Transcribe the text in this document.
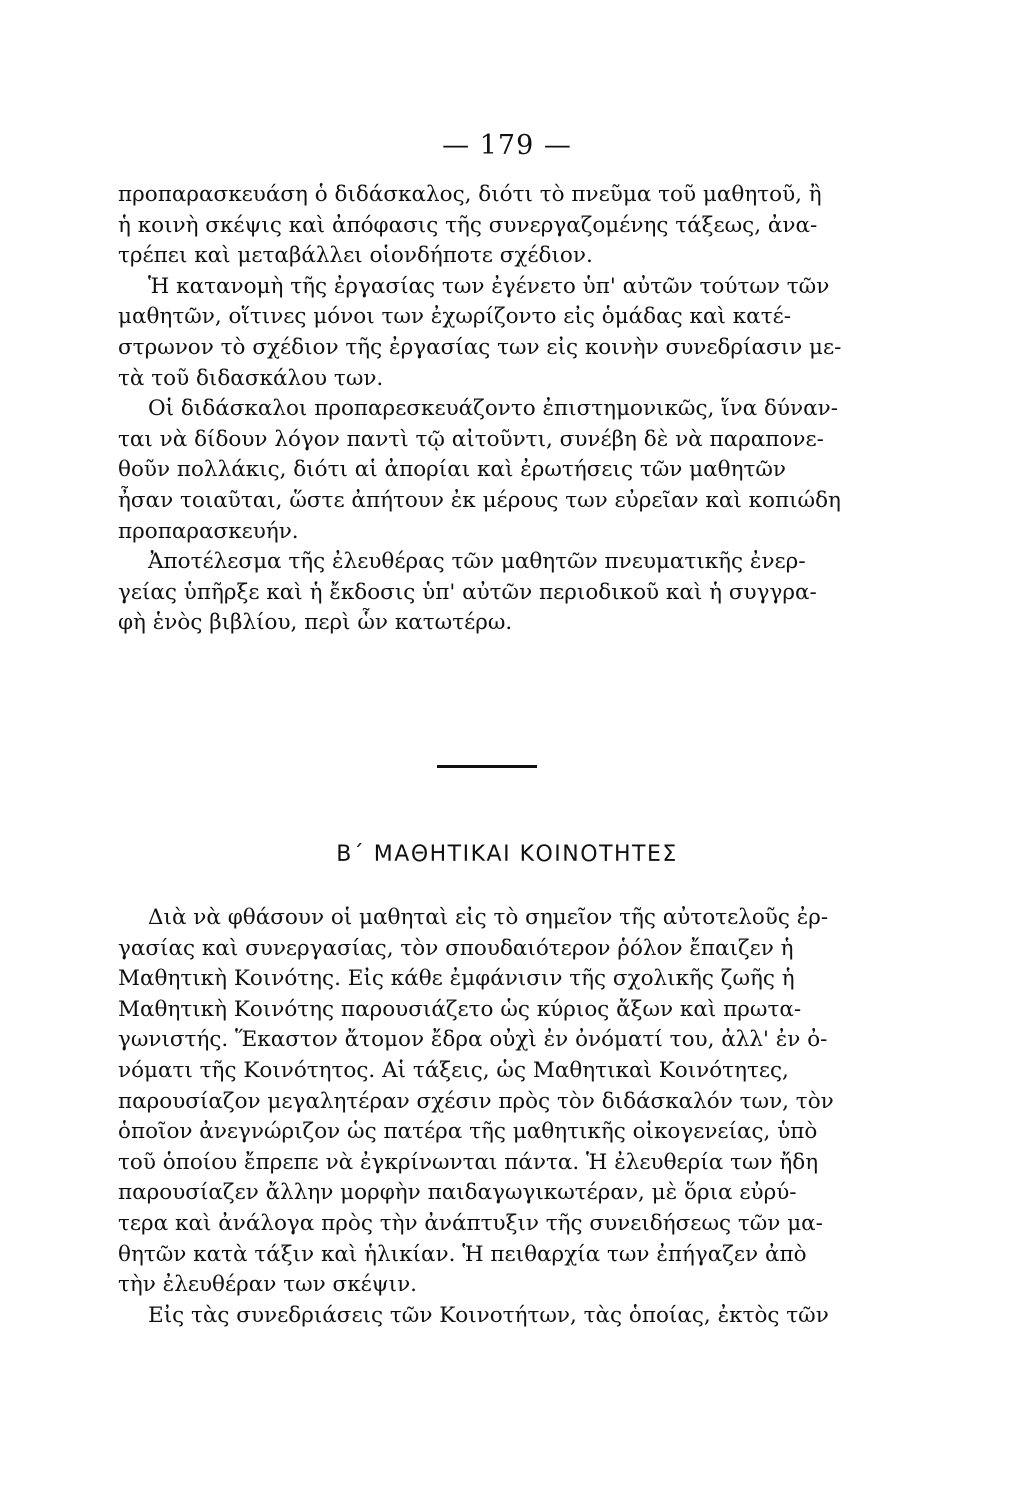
— 179 —
προπαρασκευάση ὁ διδάσκαλος, διότι τὸ πνεῦμα τοῦ μαθητοῦ, ἢ
ἡ κοινὴ σκέψις καὶ ἀπόφασις τῆς συνεργαζομένης τάξεως, ἀνα-
τρέπει καὶ μεταβάλλει οἱονδήποτε σχέδιον.
Ἡ κατανομὴ τῆς ἐργασίας των ἐγένετο ὑπ' αὐτῶν τούτων τῶν
μαθητῶν, οἵτινες μόνοι των ἐχωρίζοντο εἰς ὁμάδας καὶ κατέ-
στρωνον τὸ σχέδιον τῆς ἐργασίας των εἰς κοινὴν συνεδρίασιν με-
τὰ τοῦ διδασκάλου των.
Οἱ διδάσκαλοι προπαρεσκευάζοντο ἐπιστημονικῶς, ἵνα δύναν-
ται νὰ δίδουν λόγον παντὶ τῷ αἰτοῦντι, συνέβη δὲ νὰ παραπονε-
θοῦν πολλάκις, διότι αἱ ἀπορίαι καὶ ἐρωτήσεις τῶν μαθητῶν
ἦσαν τοιαῦται, ὥστε ἀπήτουν ἐκ μέρους των εὐρεῖαν καὶ κοπιώδη
προπαρασκευήν.
Ἀποτέλεσμα τῆς ἐλευθέρας τῶν μαθητῶν πνευματικῆς ἐνερ-
γείας ὑπῆρξε καὶ ἡ ἔκδοσις ὑπ' αὐτῶν περιοδικοῦ καὶ ἡ συγγρα-
φὴ ἑνὸς βιβλίου, περὶ ὧν κατωτέρω.
Β΄ ΜΑΘΗΤΙΚΑΙ ΚΟΙΝΟΤΗΤΕΣ
Διὰ νὰ φθάσουν οἱ μαθηταὶ εἰς τὸ σημεῖον τῆς αὐτοτελοῦς ἐρ-
γασίας καὶ συνεργασίας, τὸν σπουδαιότερον ῥόλον ἔπαιζεν ἡ
Μαθητικὴ Κοινότης. Εἰς κάθε ἐμφάνισιν τῆς σχολικῆς ζωῆς ἡ
Μαθητικὴ Κοινότης παρουσιάζετο ὡς κύριος ἄξων καὶ πρωτα-
γωνιστής. Ἕκαστον ἄτομον ἔδρα οὐχὶ ἐν ὀνόματί του, ἀλλ' ἐν ὀ-
νόματι τῆς Κοινότητος. Αἱ τάξεις, ὡς Μαθητικαὶ Κοινότητες,
παρουσίαζον μεγαλητέραν σχέσιν πρὸς τὸν διδάσκαλόν των, τὸν
ὁποῖον ἀνεγνώριζον ὡς πατέρα τῆς μαθητικῆς οἰκογενείας, ὑπὸ
τοῦ ὁποίου ἔπρεπε νὰ ἐγκρίνωνται πάντα. Ἡ ἐλευθερία των ἤδη
παρουσίαζεν ἄλλην μορφὴν παιδαγωγικωτέραν, μὲ ὅρια εὐρύ-
τερα καὶ ἀνάλογα πρὸς τὴν ἀνάπτυξιν τῆς συνειδήσεως τῶν μα-
θητῶν κατὰ τάξιν καὶ ἡλικίαν. Ἡ πειθαρχία των ἐπήγαζεν ἀπὸ
τὴν ἐλευθέραν των σκέψιν.
Εἰς τὰς συνεδριάσεις τῶν Κοινοτήτων, τὰς ὁποίας, ἐκτὸς τῶν
